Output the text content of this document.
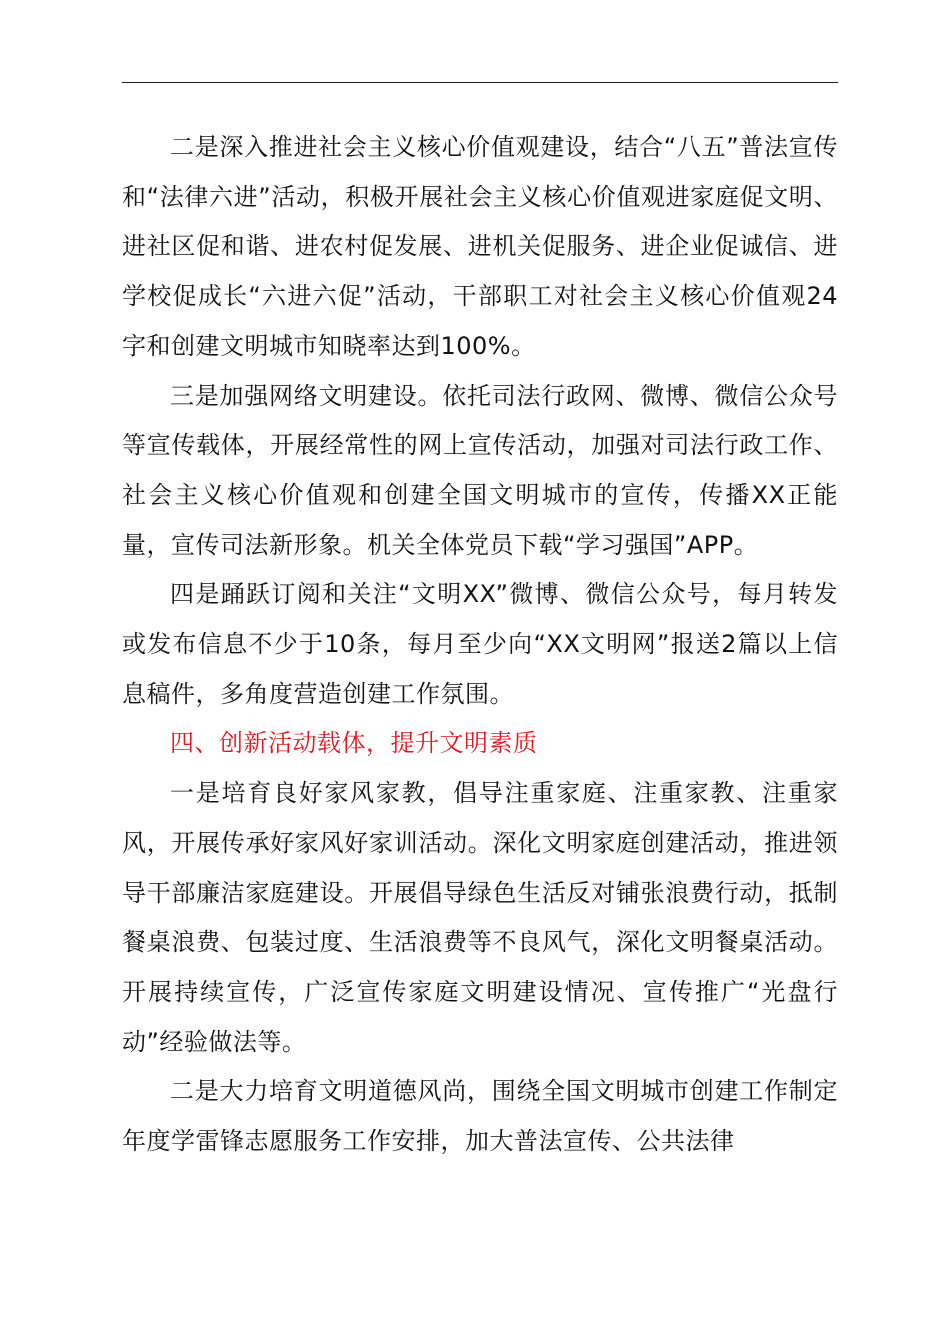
二是深入推进社会主义核心价值观建设，结合“八五”普法宣传和“法律六进”活动，积极开展社会主义核心价值观进家庭促文明、进社区促和谐、进农村促发展、进机关促服务、进企业促诚信、进学校促成长“六进六促”活动，干部职工对社会主义核心价值观24字和创建文明城市知晓率达到100%。

三是加强网络文明建设。依托司法行政网、微博、微信公众号等宣传载体，开展经常性的网上宣传活动，加强对司法行政工作、社会主义核心价值观和创建全国文明城市的宣传，传播XX正能量，宣传司法新形象。机关全体党员下载“学习强国”APP。

四是踊跃订阅和关注“文明XX”微博、微信公众号，每月转发或发布信息不少于10条，每月至少向“XX文明网”报送2篇以上信息稿件，多角度营造创建工作氛围。

四、创新活动载体，提升文明素质

一是培育良好家风家教，倡导注重家庭、注重家教、注重家风，开展传承好家风好家训活动。深化文明家庭创建活动，推进领导干部廉洁家庭建设。开展倡导绿色生活反对铺张浪费行动，抵制餐桌浪费、包装过度、生活浪费等不良风气，深化文明餐桌活动。开展持续宣传，广泛宣传家庭文明建设情况、宣传推广“光盘行动”经验做法等。

二是大力培育文明道德风尚，围绕全国文明城市创建工作制定年度学雷锋志愿服务工作安排，加大普法宣传、公共法律
